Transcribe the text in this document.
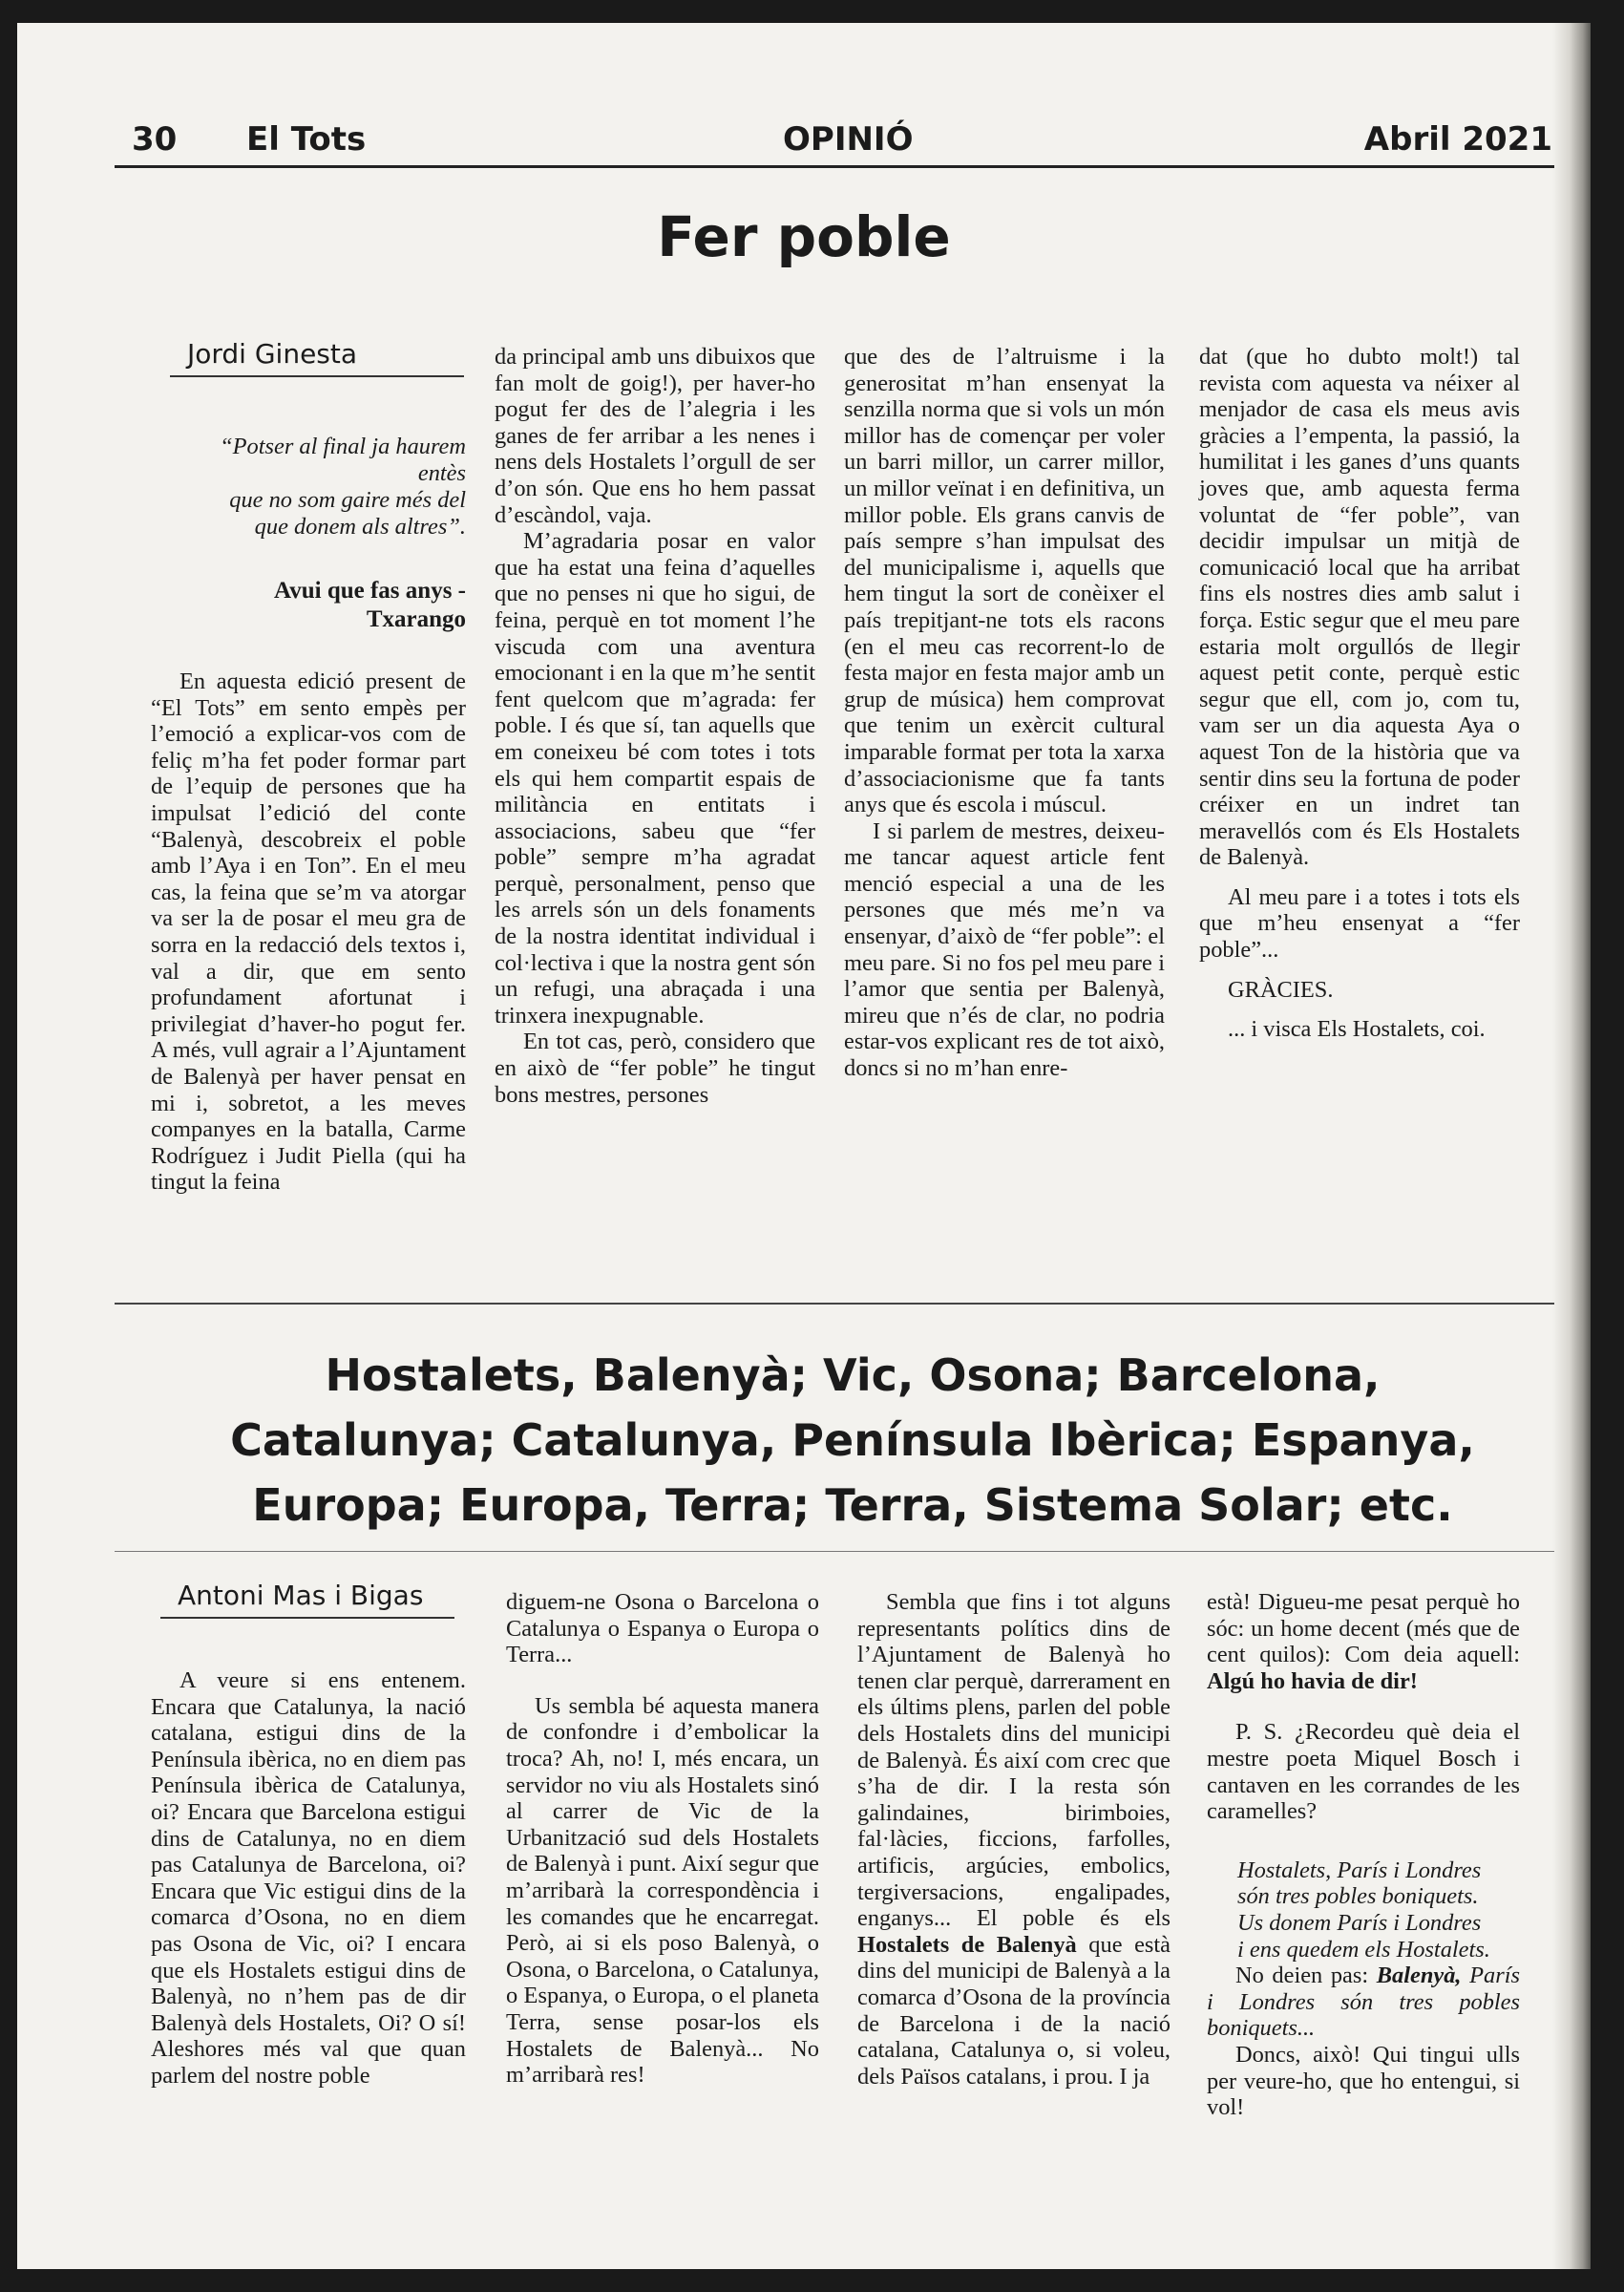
30 El Tots	OPINIÓ	Abril 2021
Fer poble
Jordi Ginesta
“Potser al final ja haurem
entès
que no som gaire més del
que donem als altres”.
Avui que fas anys -
Txarango

En aquesta edició present de “El Tots” em sento empès per l’emoció a explicar-vos com de feliç m’ha fet poder formar part de l’equip de persones que ha impulsat l’edició del conte “Balenyà, descobreix el poble amb l’Aya i en Ton”. En el meu cas, la feina que se’m va atorgar va ser la de posar el meu gra de sorra en la redacció dels textos i, val a dir, que em sento profundament afortunat i privilegiat d’haver-ho pogut fer. A més, vull agrair a l’Ajuntament de Balenyà per haver pensat en mi i, sobretot, a les meves companyes en la batalla, Carme Rodríguez i Judit Piella (qui ha tingut la feina

da principal amb uns dibuixos que fan molt de goig!), per haver-ho pogut fer des de l’alegria i les ganes de fer arribar a les nenes i nens dels Hostalets l’orgull de ser d’on són. Que ens ho hem passat d’escàndol, vaja.

M’agradaria posar en valor que ha estat una feina d’aquelles que no penses ni que ho sigui, de feina, perquè en tot moment l’he viscuda com una aventura emocionant i en la que m’he sentit fent quelcom que m’agrada: fer poble. I és que sí, tan aquells que em coneixeu bé com totes i tots els qui hem compartit espais de militància en entitats i associacions, sabeu que “fer poble” sempre m’ha agradat perquè, personalment, penso que les arrels són un dels fonaments de la nostra identitat individual i col·lectiva i que la nostra gent són un refugi, una abraçada i una trinxera inexpugnable.

En tot cas, però, considero que en això de “fer poble” he tingut bons mestres, persones

que des de l’altruisme i la generositat m’han ensenyat la senzilla norma que si vols un món millor has de començar per voler un barri millor, un carrer millor, un millor veïnat i en definitiva, un millor poble. Els grans canvis de país sempre s’han impulsat des del municipalisme i, aquells que hem tingut la sort de conèixer el país trepitjant-ne tots els racons (en el meu cas recorrent-lo de festa major en festa major amb un grup de música) hem comprovat que tenim un exèrcit cultural imparable format per tota la xarxa d’associacionisme que fa tants anys que és escola i múscul.

I si parlem de mestres, deixeu-me tancar aquest article fent menció especial a una de les persones que més me’n va ensenyar, d’això de “fer poble”: el meu pare. Si no fos pel meu pare i l’amor que sentia per Balenyà, mireu que n’és de clar, no podria estar-vos explicant res de tot això, doncs si no m’han enre-

dat (que ho dubto molt!) tal revista com aquesta va néixer al menjador de casa els meus avis gràcies a l’empenta, la passió, la humilitat i les ganes d’uns quants joves que, amb aquesta ferma voluntat de “fer poble”, van decidir impulsar un mitjà de comunicació local que ha arribat fins els nostres dies amb salut i força. Estic segur que el meu pare estaria molt orgullós de llegir aquest petit conte, perquè estic segur que ell, com jo, com tu, vam ser un dia aquesta Aya o aquest Ton de la història que va sentir dins seu la fortuna de poder créixer en un indret tan meravellós com és Els Hostalets de Balenyà.

Al meu pare i a totes i tots els que m’heu ensenyat a “fer poble”...

GRÀCIES.

... i visca Els Hostalets, coi.

Hostalets, Balenyà; Vic, Osona; Barcelona, Catalunya; Catalunya, Península Ibèrica; Espanya, Europa; Europa, Terra; Terra, Sistema Solar; etc.
Antoni Mas i Bigas

A veure si ens entenem. Encara que Catalunya, la nació catalana, estigui dins de la Península ibèrica, no en diem pas Península ibèrica de Catalunya, oi? Encara que Barcelona estigui dins de Catalunya, no en diem pas Catalunya de Barcelona, oi? Encara que Vic estigui dins de la comarca d’Osona, no en diem pas Osona de Vic, oi? I encara que els Hostalets estigui dins de Balenyà, no n’hem pas de dir Balenyà dels Hostalets, Oi? O sí! Aleshores més val que quan parlem del nostre poble

diguem-ne Osona o Barcelona o Catalunya o Espanya o Europa o Terra...

Us sembla bé aquesta manera de confondre i d’embolicar la troca? Ah, no! I, més encara, un servidor no viu als Hostalets sinó al carrer de Vic de la Urbanització sud dels Hostalets de Balenyà i punt. Així segur que m’arribarà la correspondència i les comandes que he encarregat. Però, ai si els poso Balenyà, o Osona, o Barcelona, o Catalunya, o Espanya, o Europa, o el planeta Terra, sense posar-los els Hostalets de Balenyà... No m’arribarà res!

Sembla que fins i tot alguns representants polítics dins de l’Ajuntament de Balenyà ho tenen clar perquè, darrerament en els últims plens, parlen del poble dels Hostalets dins del municipi de Balenyà. És així com crec que s’ha de dir. I la resta són galindaines, birimboies, fal·làcies, ficcions, farfolles, artificis, argúcies, embolics, tergiversacions, engalipades, enganys... El poble és els Hostalets de Balenyà que està dins del municipi de Balenyà a la comarca d’Osona de la província de Barcelona i de la nació catalana, Catalunya o, si voleu, dels Països catalans, i prou. I ja

està! Digueu-me pesat perquè ho sóc: un home decent (més que de cent quilos): Com deia aquell: Algú ho havia de dir!

P. S. ¿Recordeu què deia el mestre poeta Miquel Bosch i cantaven en les corrandes de les caramelles?

Hostalets, París i Londres

són tres pobles boniquets.

Us donem París i Londres

i ens quedem els Hostalets.

No deien pas: Balenyà, París i Londres són tres pobles boniquets...

Doncs, això! Qui tingui ulls per veure-ho, que ho entengui, si vol!
